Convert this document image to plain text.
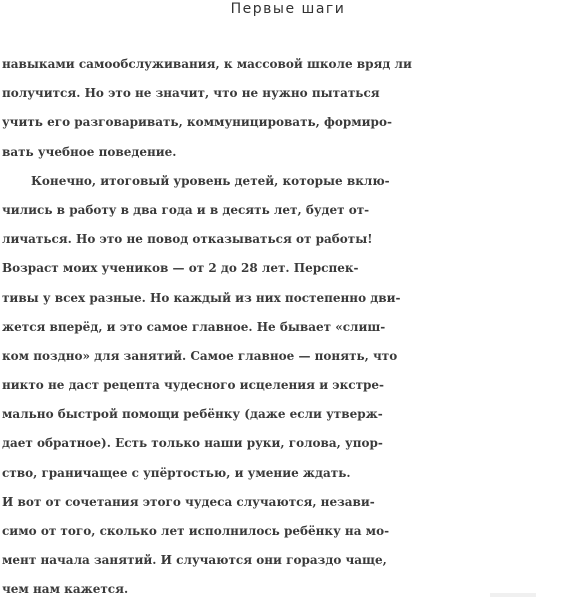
Первые шаги
навыками самообслуживания, к массовой школе вряд ли
получится. Но это не значит, что не нужно пытаться
учить его разговаривать, коммуницировать, формиро-
вать учебное поведение.
Конечно, итоговый уровень детей, которые вклю-
чились в работу в два года и в десять лет, будет от-
личаться. Но это не повод отказываться от работы!
Возраст моих учеников — от 2 до 28 лет. Перспек-
тивы у всех разные. Но каждый из них постепенно дви-
жется вперёд, и это самое главное. Не бывает «слиш-
ком поздно» для занятий. Самое главное — понять, что
никто не даст рецепта чудесного исцеления и экстре-
мально быстрой помощи ребёнку (даже если утверж-
дает обратное). Есть только наши руки, голова, упор-
ство, граничащее с упёртостью, и умение ждать.
И вот от сочетания этого чудеса случаются, незави-
симо от того, сколько лет исполнилось ребёнку на мо-
мент начала занятий. И случаются они гораздо чаще,
чем нам кажется.
